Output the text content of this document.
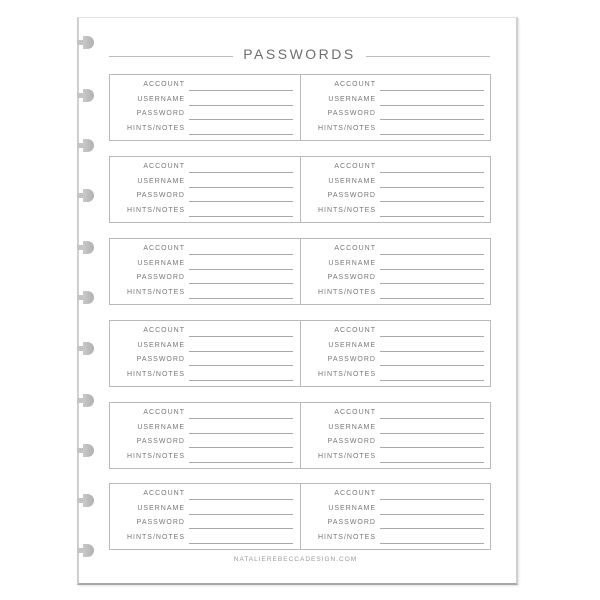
PASSWORDS
ACCOUNT
USERNAME
PASSWORD
HINTS/NOTES
ACCOUNT
USERNAME
PASSWORD
HINTS/NOTES
ACCOUNT
USERNAME
PASSWORD
HINTS/NOTES
ACCOUNT
USERNAME
PASSWORD
HINTS/NOTES
ACCOUNT
USERNAME
PASSWORD
HINTS/NOTES
ACCOUNT
USERNAME
PASSWORD
HINTS/NOTES
ACCOUNT
USERNAME
PASSWORD
HINTS/NOTES
ACCOUNT
USERNAME
PASSWORD
HINTS/NOTES
ACCOUNT
USERNAME
PASSWORD
HINTS/NOTES
ACCOUNT
USERNAME
PASSWORD
HINTS/NOTES
ACCOUNT
USERNAME
PASSWORD
HINTS/NOTES
ACCOUNT
USERNAME
PASSWORD
HINTS/NOTES
NATALIEREBECCADESIGN.COM
